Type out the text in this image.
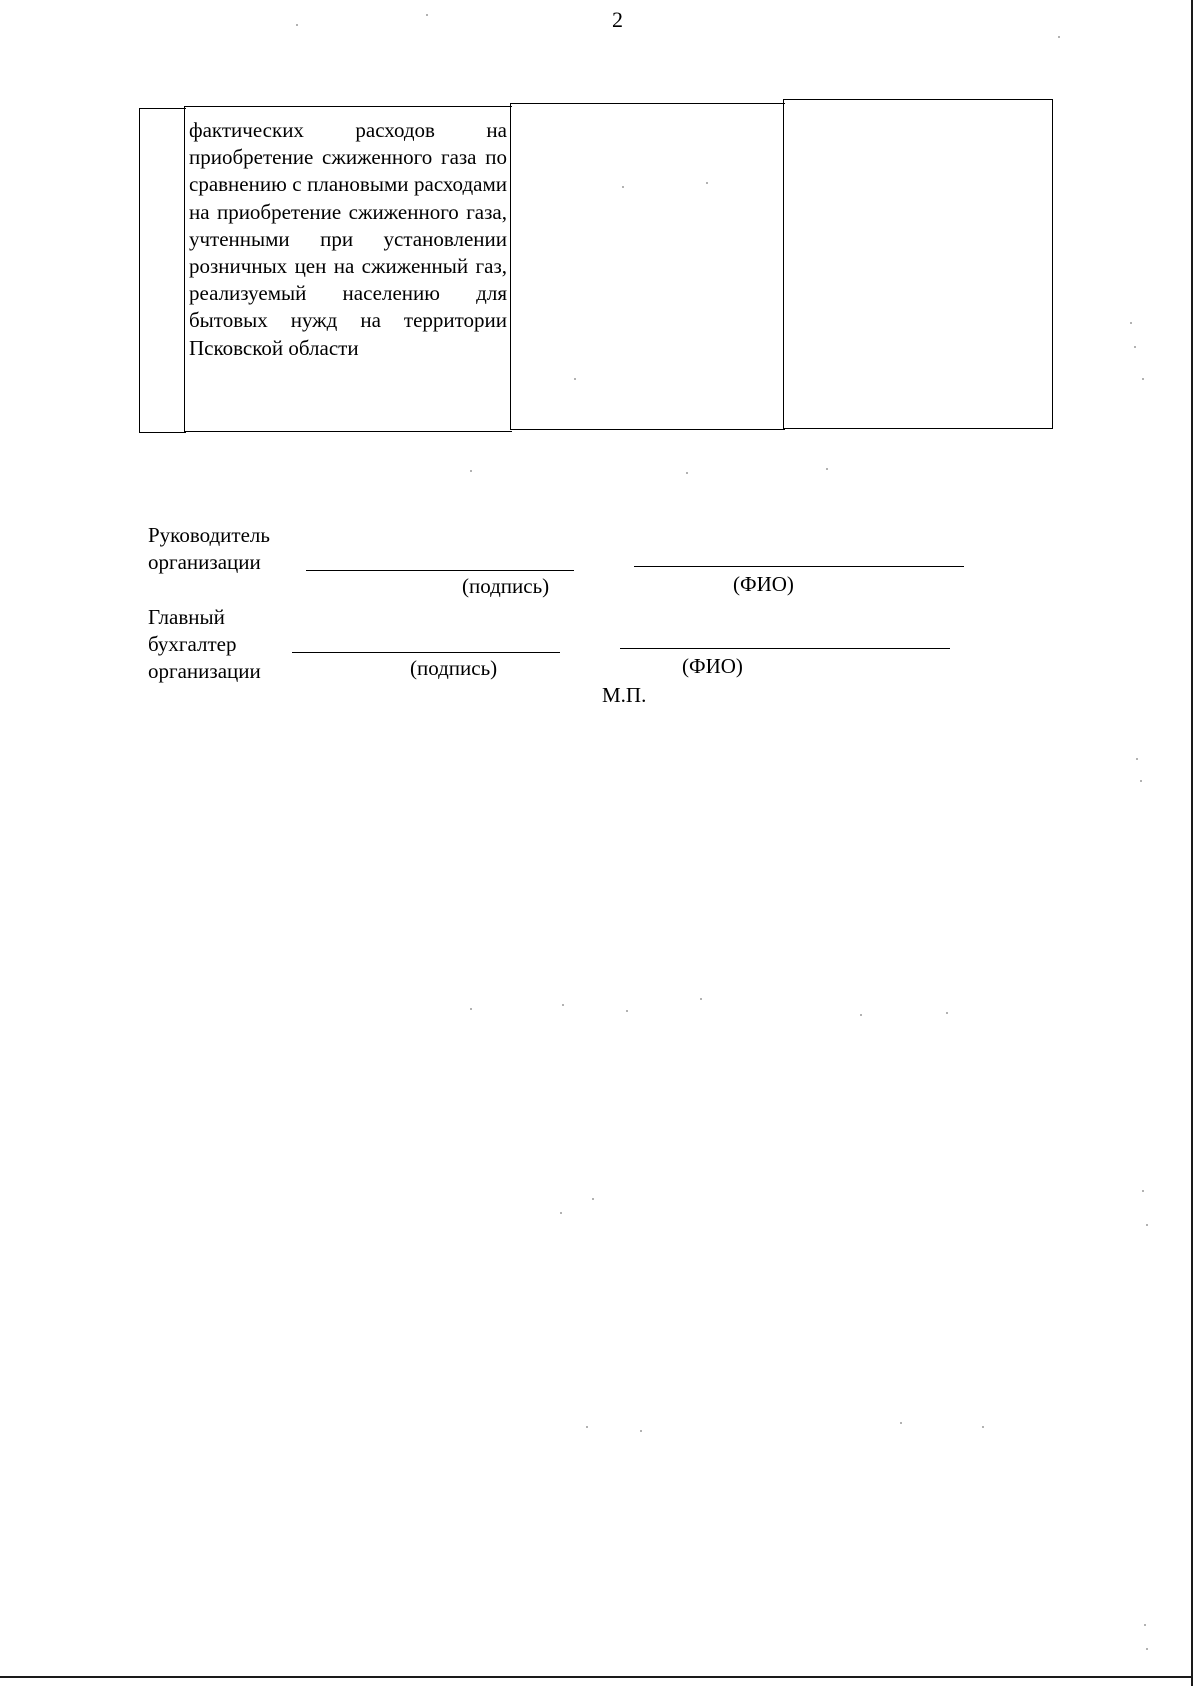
2

фактических расходов на приобретение сжиженного газа по сравнению с плановыми расходами на приобретение сжиженного газа, учтенными при установлении розничных цен на сжиженный газ, реализуемый населению для бытовых нужд на территории Псковской области

Руководитель
организации
(подпись)	(ФИО)
Главный
бухгалтер
организации	(подпись)	(ФИО)
М.П.
